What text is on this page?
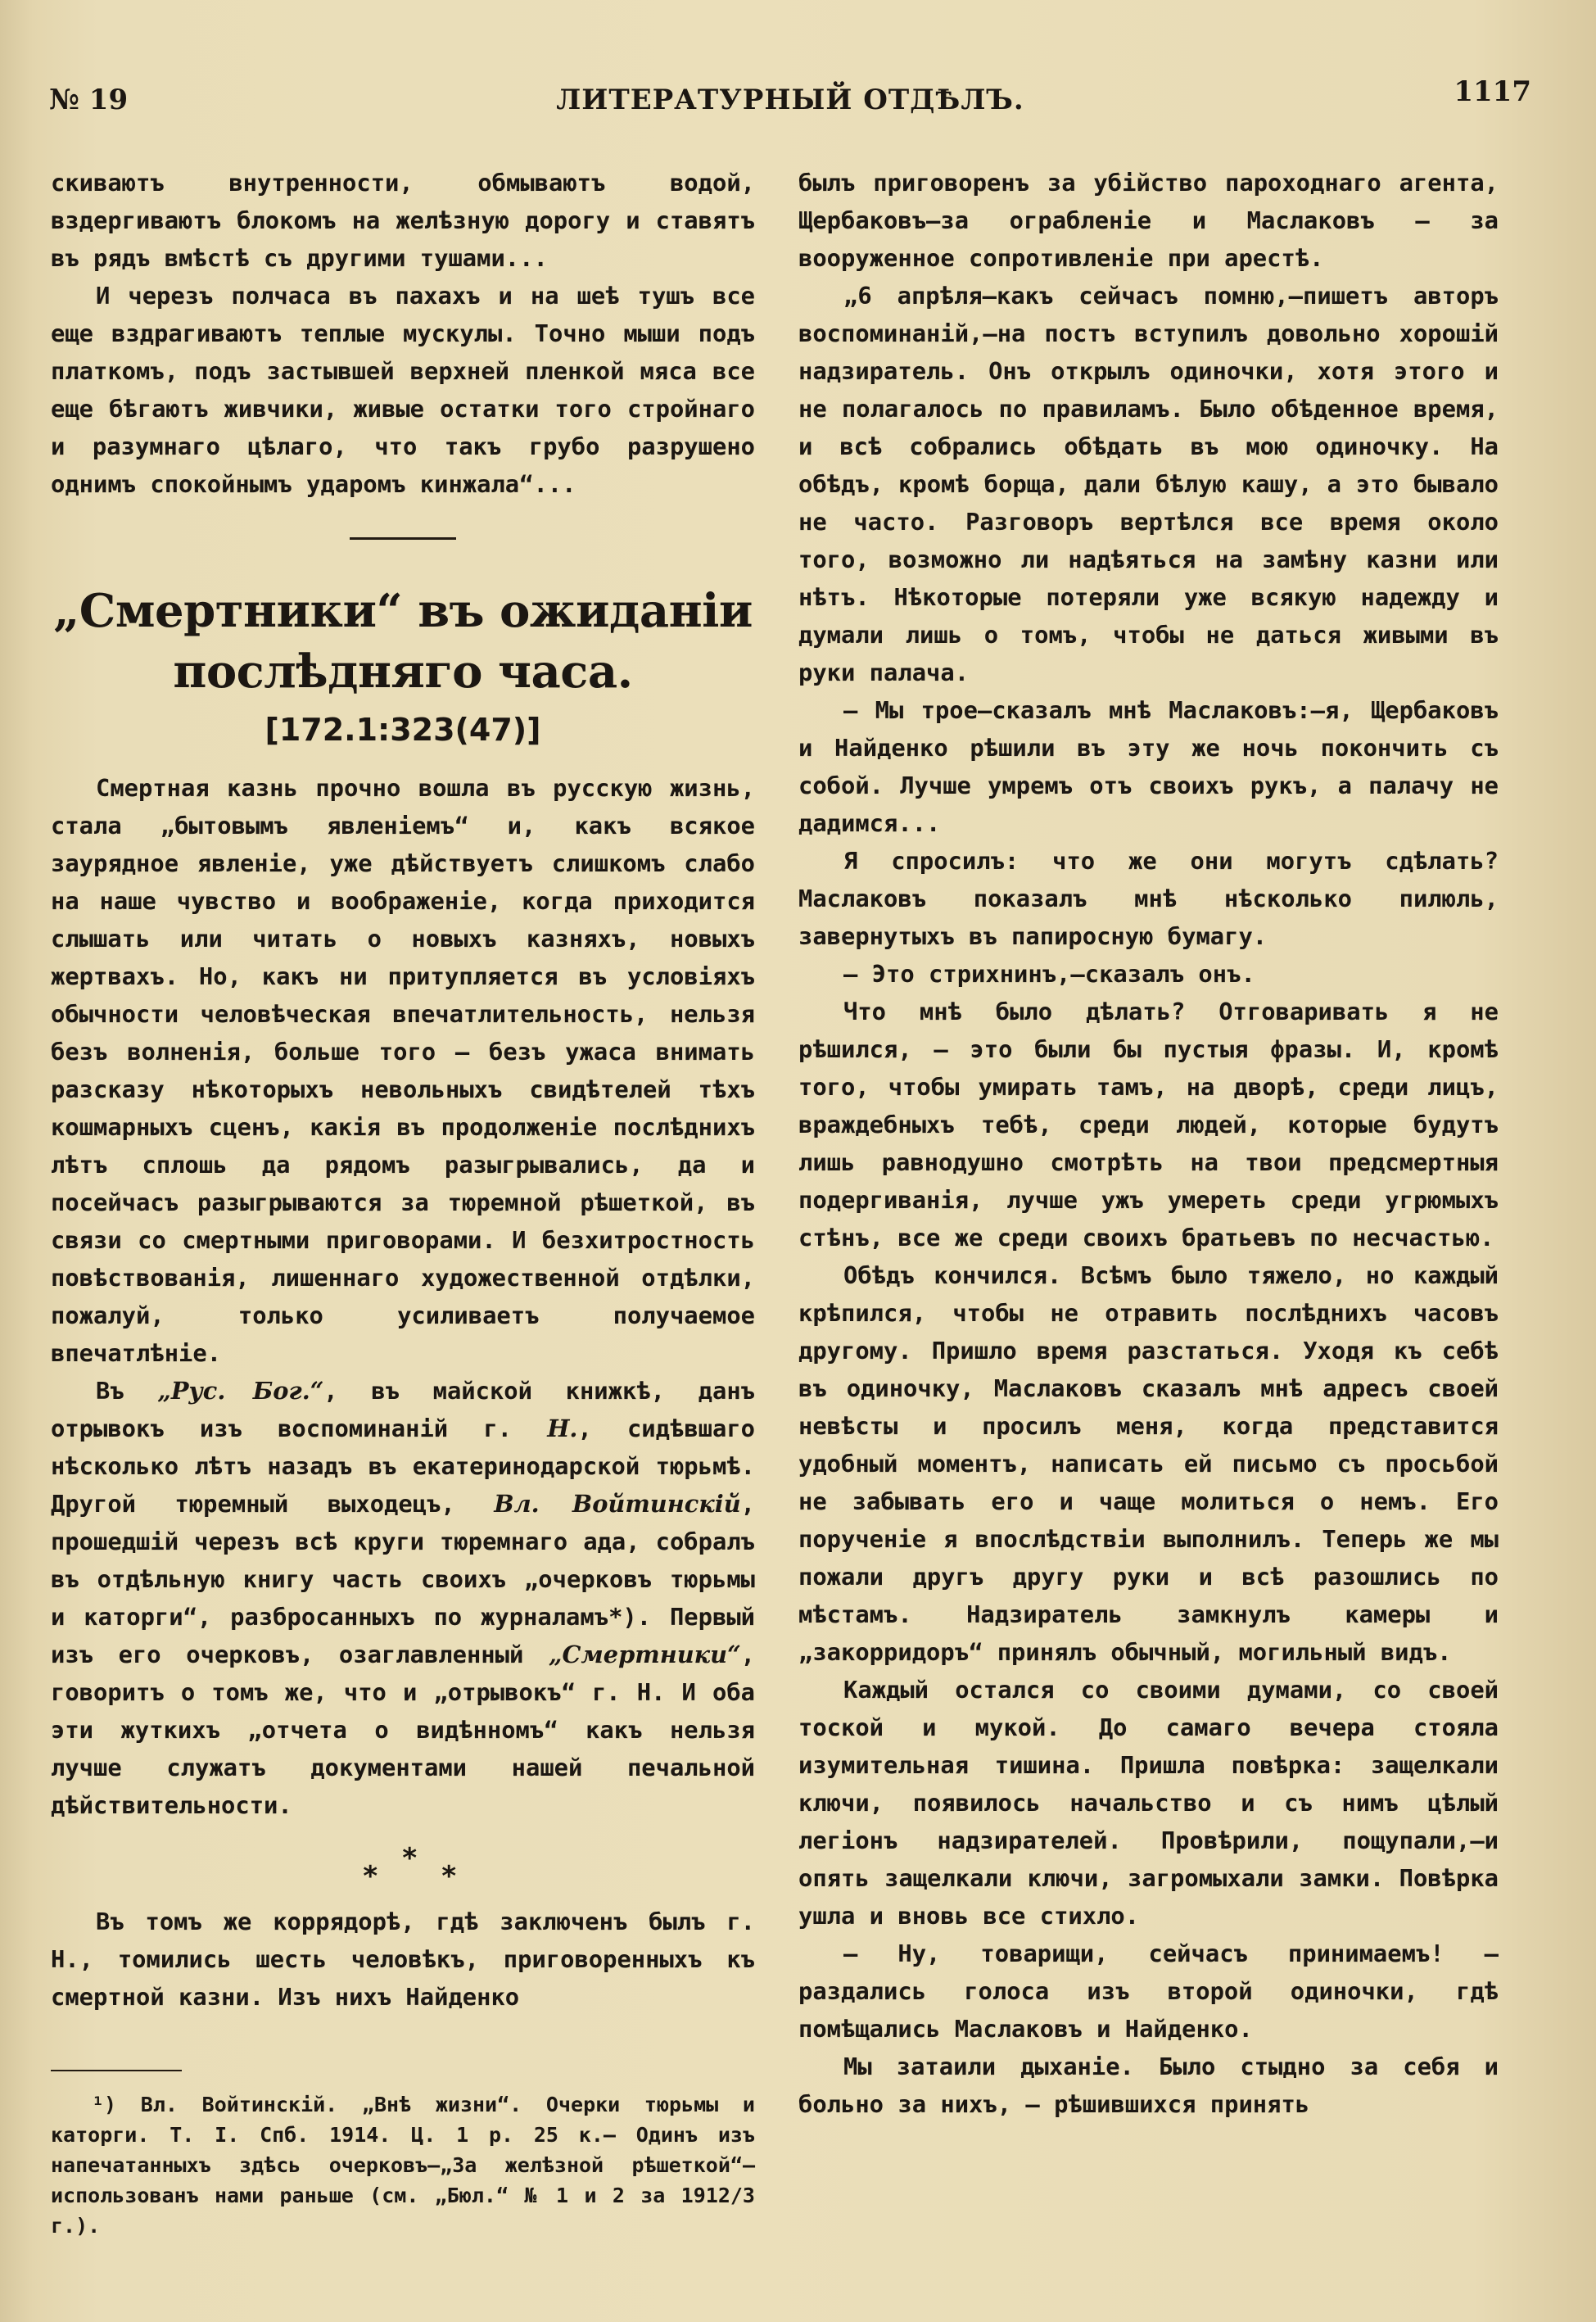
№ 19	ЛИТЕРАТУРНЫЙ ОТДѢЛЪ.	1117

скиваютъ внутренности, обмываютъ водой, вздергиваютъ блокомъ на желѣзную дорогу и ставятъ въ рядъ вмѣстѣ съ другими тушами...

И черезъ полчаса въ пахахъ и на шеѣ тушъ все еще вздрагиваютъ теплые мускулы. Точно мыши подъ платкомъ, подъ застывшей верхней пленкой мяса все еще бѣгаютъ живчики, живые остатки того стройнаго и разумнаго цѣлаго, что такъ грубо разрушено однимъ спокойнымъ ударомъ кинжала“...

„Смертники“ въ ожиданіи послѣдняго часа.
[172.1:323(47)]

Смертная казнь прочно вошла въ русскую жизнь, стала „бытовымъ явленіемъ“ и, какъ всякое заурядное явленіе, уже дѣйствуетъ слишкомъ слабо на наше чувство и воображеніе, когда приходится слышать или читать о новыхъ казняхъ, новыхъ жертвахъ. Но, какъ ни притупляется въ условіяхъ обычности человѣческая впечатлительность, нельзя безъ волненія, больше того — безъ ужаса внимать разсказу нѣкоторыхъ невольныхъ свидѣтелей тѣхъ кошмарныхъ сценъ, какія въ продолженіе послѣднихъ лѣтъ сплошь да рядомъ разыгрывались, да и посейчасъ разыгрываются за тюремной рѣшеткой, въ связи со смертными приговорами. И безхитростность повѣствованія, лишеннаго художественной отдѣлки, пожалуй, только усиливаетъ получаемое впечатлѣніе.

Въ „Рус. Бог.“, въ майской книжкѣ, данъ отрывокъ изъ воспоминаній г. Н., сидѣвшаго нѣсколько лѣтъ назадъ въ екатеринодарской тюрьмѣ. Другой тюремный выходецъ, Вл. Войтинскій, прошедшій черезъ всѣ круги тюремнаго ада, собралъ въ отдѣльную книгу часть своихъ „очерковъ тюрьмы и каторги“, разбросанныхъ по журналамъ*). Первый изъ его очерковъ, озаглавленный „Смертники“, говоритъ о томъ же, что и „отрывокъ“ г. Н. И оба эти жуткихъ „отчета о видѣнномъ“ какъ нельзя лучше служатъ документами нашей печальной дѣйствительности.

*
* *

Въ томъ же коррядорѣ, гдѣ заключенъ былъ г. Н., томились шесть человѣкъ, приговоренныхъ къ смертной казни. Изъ нихъ Найденко

¹) Вл. Войтинскій. „Внѣ жизни“. Очерки тюрьмы и каторги. Т. I. Спб. 1914. Ц. 1 р. 25 к.— Одинъ изъ напечатанныхъ здѣсь очерковъ—„За желѣзной рѣшеткой“—использованъ нами раньше (см. „Бюл.“ № 1 и 2 за 1912/3 г.).

былъ приговоренъ за убійство пароходнаго агента, Щербаковъ—за ограбленіе и Маслаковъ — за вооруженное сопротивленіе при арестѣ.

„6 апрѣля—какъ сейчасъ помню,—пишетъ авторъ воспоминаній,—на постъ вступилъ довольно хорошій надзиратель. Онъ открылъ одиночки, хотя этого и не полагалось по правиламъ. Было обѣденное время, и всѣ собрались обѣдать въ мою одиночку. На обѣдъ, кромѣ борща, дали бѣлую кашу, а это бывало не часто. Разговоръ вертѣлся все время около того, возможно ли надѣяться на замѣну казни или нѣтъ. Нѣкоторые потеряли уже всякую надежду и думали лишь о томъ, чтобы не даться живыми въ руки палача.

— Мы трое—сказалъ мнѣ Маслаковъ:—я, Щербаковъ и Найденко рѣшили въ эту же ночь покончить съ собой. Лучше умремъ отъ своихъ рукъ, а палачу не дадимся...

Я спросилъ: что же они могутъ сдѣлать? Маслаковъ показалъ мнѣ нѣсколько пилюль, завернутыхъ въ папиросную бумагу.

— Это стрихнинъ,—сказалъ онъ.

Что мнѣ было дѣлать? Отговаривать я не рѣшился, — это были бы пустыя фразы. И, кромѣ того, чтобы умирать тамъ, на дворѣ, среди лицъ, враждебныхъ тебѣ, среди людей, которые будутъ лишь равнодушно смотрѣть на твои предсмертныя подергиванія, лучше ужъ умереть среди угрюмыхъ стѣнъ, все же среди своихъ братьевъ по несчастью.

Обѣдъ кончился. Всѣмъ было тяжело, но каждый крѣпился, чтобы не отравить послѣднихъ часовъ другому. Пришло время разстаться. Уходя къ себѣ въ одиночку, Маслаковъ сказалъ мнѣ адресъ своей невѣсты и просилъ меня, когда представится удобный моментъ, написать ей письмо съ просьбой не забывать его и чаще молиться о немъ. Его порученіе я впослѣдствіи выполнилъ. Теперь же мы пожали другъ другу руки и всѣ разошлись по мѣстамъ. Надзиратель замкнулъ камеры и „закорридоръ“ принялъ обычный, могильный видъ.

Каждый остался со своими думами, со своей тоской и мукой. До самаго вечера стояла изумительная тишина. Пришла повѣрка: защелкали ключи, появилось начальство и съ нимъ цѣлый легіонъ надзирателей. Провѣрили, пощупали,—и опять защелкали ключи, загромыхали замки. Повѣрка ушла и вновь все стихло.

— Ну, товарищи, сейчасъ принимаемъ! — раздались голоса изъ второй одиночки, гдѣ помѣщались Маслаковъ и Найденко.

Мы затаили дыханіе. Было стыдно за себя и больно за нихъ, — рѣшившихся принять
